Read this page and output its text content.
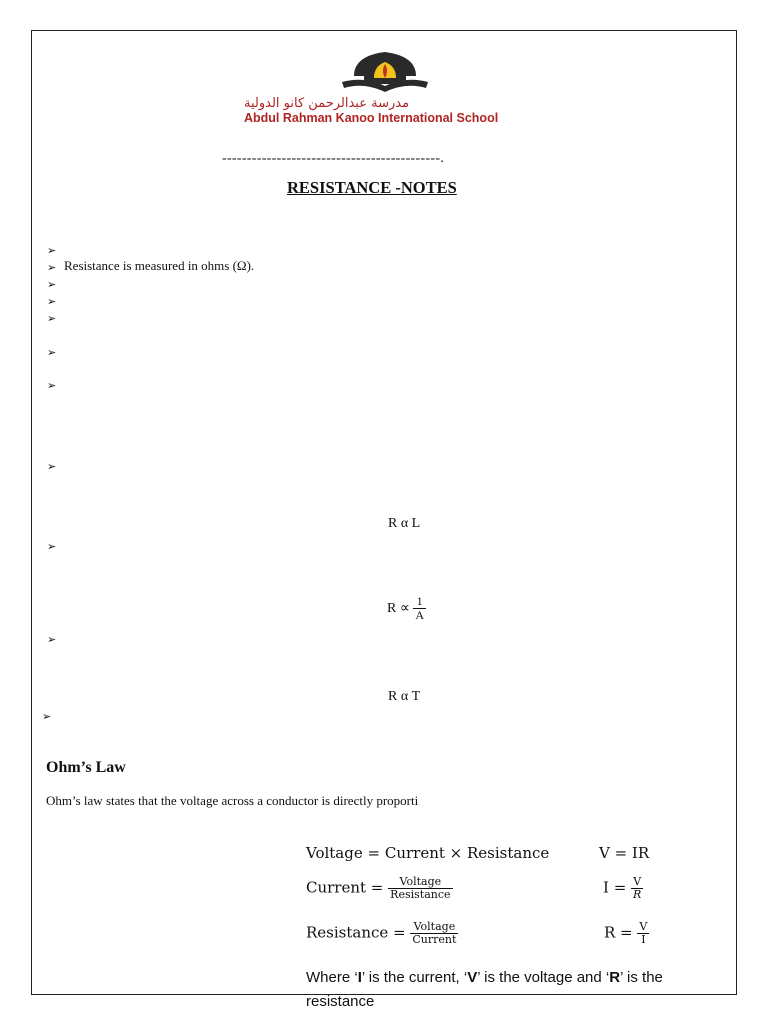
مدرسة عبدالرحمن كانو الدولية
Abdul Rahman Kanoo International School
--------------------------------------------.
RESISTANCE -NOTES
➢
➢ Resistance is measured in ohms (Ω).
➢
➢
➢
➢
➢
➢
➢
➢
➢
R α L
$R \propto \frac{1}{A}$
R α T
Ohm’s Law
Ohm’s law states that the voltage across a conductor is directly proporti
Voltage = Current × Resistance	V = IR
Current = $\frac{\text{Voltage}}{\text{Resistance}}$	$I = \frac{V}{R}$
Resistance = $\frac{\text{Voltage}}{\text{Current}}$	$R = \frac{V}{I}$
Where ‘I’ is the current, ‘V’ is the voltage and ‘R’ is the
resistance
